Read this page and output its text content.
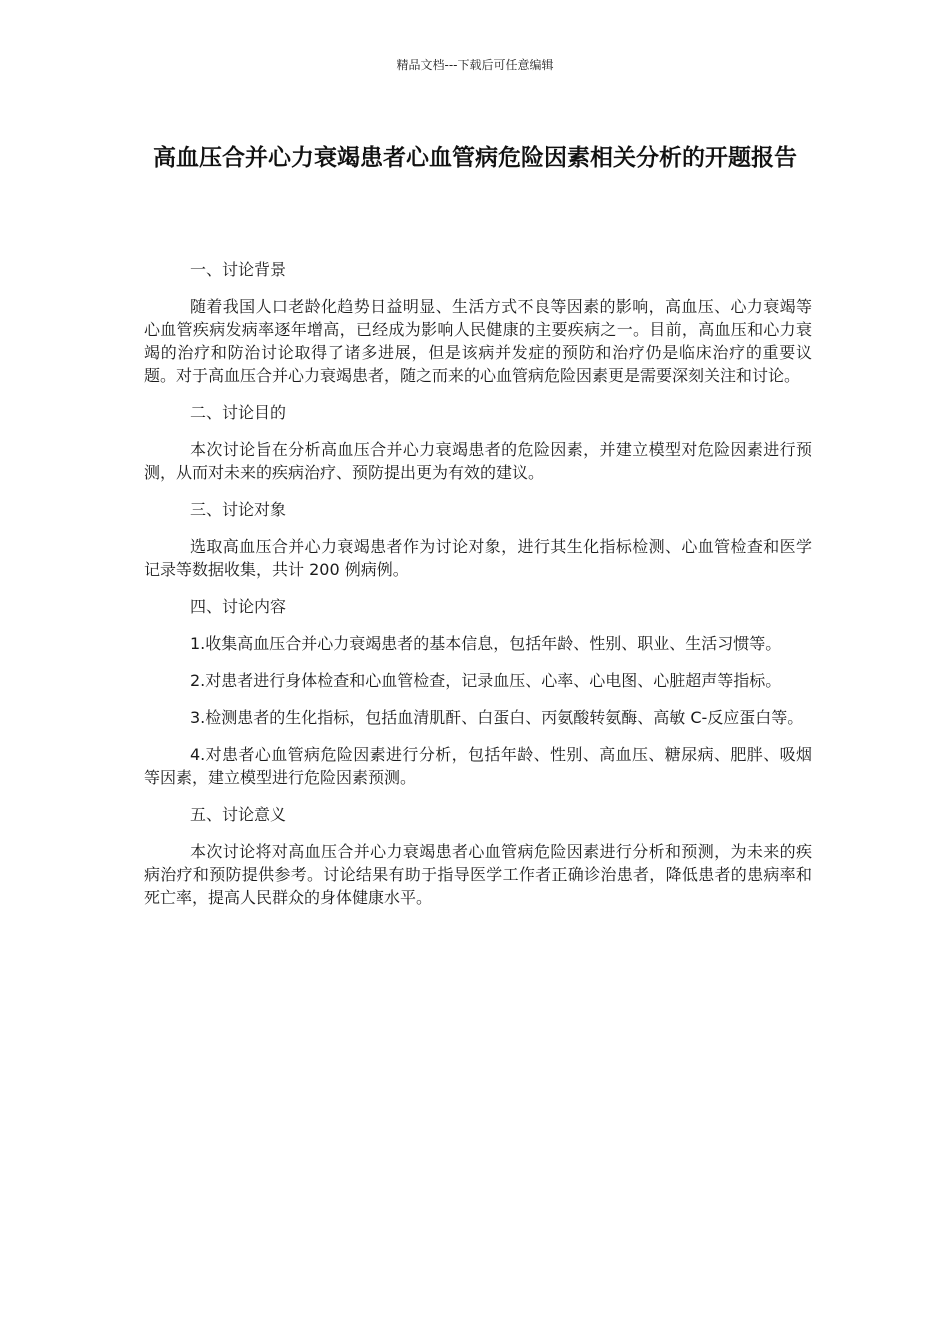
精品文档---下载后可任意编辑
高血压合并心力衰竭患者心血管病危险因素相关分析的开题报告

一、讨论背景

随着我国人口老龄化趋势日益明显、生活方式不良等因素的影响，高血压、心力衰竭等心血管疾病发病率逐年增高，已经成为影响人民健康的主要疾病之一。目前，高血压和心力衰竭的治疗和防治讨论取得了诸多进展，但是该病并发症的预防和治疗仍是临床治疗的重要议题。对于高血压合并心力衰竭患者，随之而来的心血管病危险因素更是需要深刻关注和讨论。

二、讨论目的

本次讨论旨在分析高血压合并心力衰竭患者的危险因素，并建立模型对危险因素进行预测，从而对未来的疾病治疗、预防提出更为有效的建议。

三、讨论对象

选取高血压合并心力衰竭患者作为讨论对象，进行其生化指标检测、心血管检查和医学记录等数据收集，共计 200 例病例。

四、讨论内容

1.收集高血压合并心力衰竭患者的基本信息，包括年龄、性别、职业、生活习惯等。

2.对患者进行身体检查和心血管检查，记录血压、心率、心电图、心脏超声等指标。

3.检测患者的生化指标，包括血清肌酐、白蛋白、丙氨酸转氨酶、高敏 C-反应蛋白等。

4.对患者心血管病危险因素进行分析，包括年龄、性别、高血压、糖尿病、肥胖、吸烟等因素，建立模型进行危险因素预测。

五、讨论意义

本次讨论将对高血压合并心力衰竭患者心血管病危险因素进行分析和预测，为未来的疾病治疗和预防提供参考。讨论结果有助于指导医学工作者正确诊治患者，降低患者的患病率和死亡率，提高人民群众的身体健康水平。
